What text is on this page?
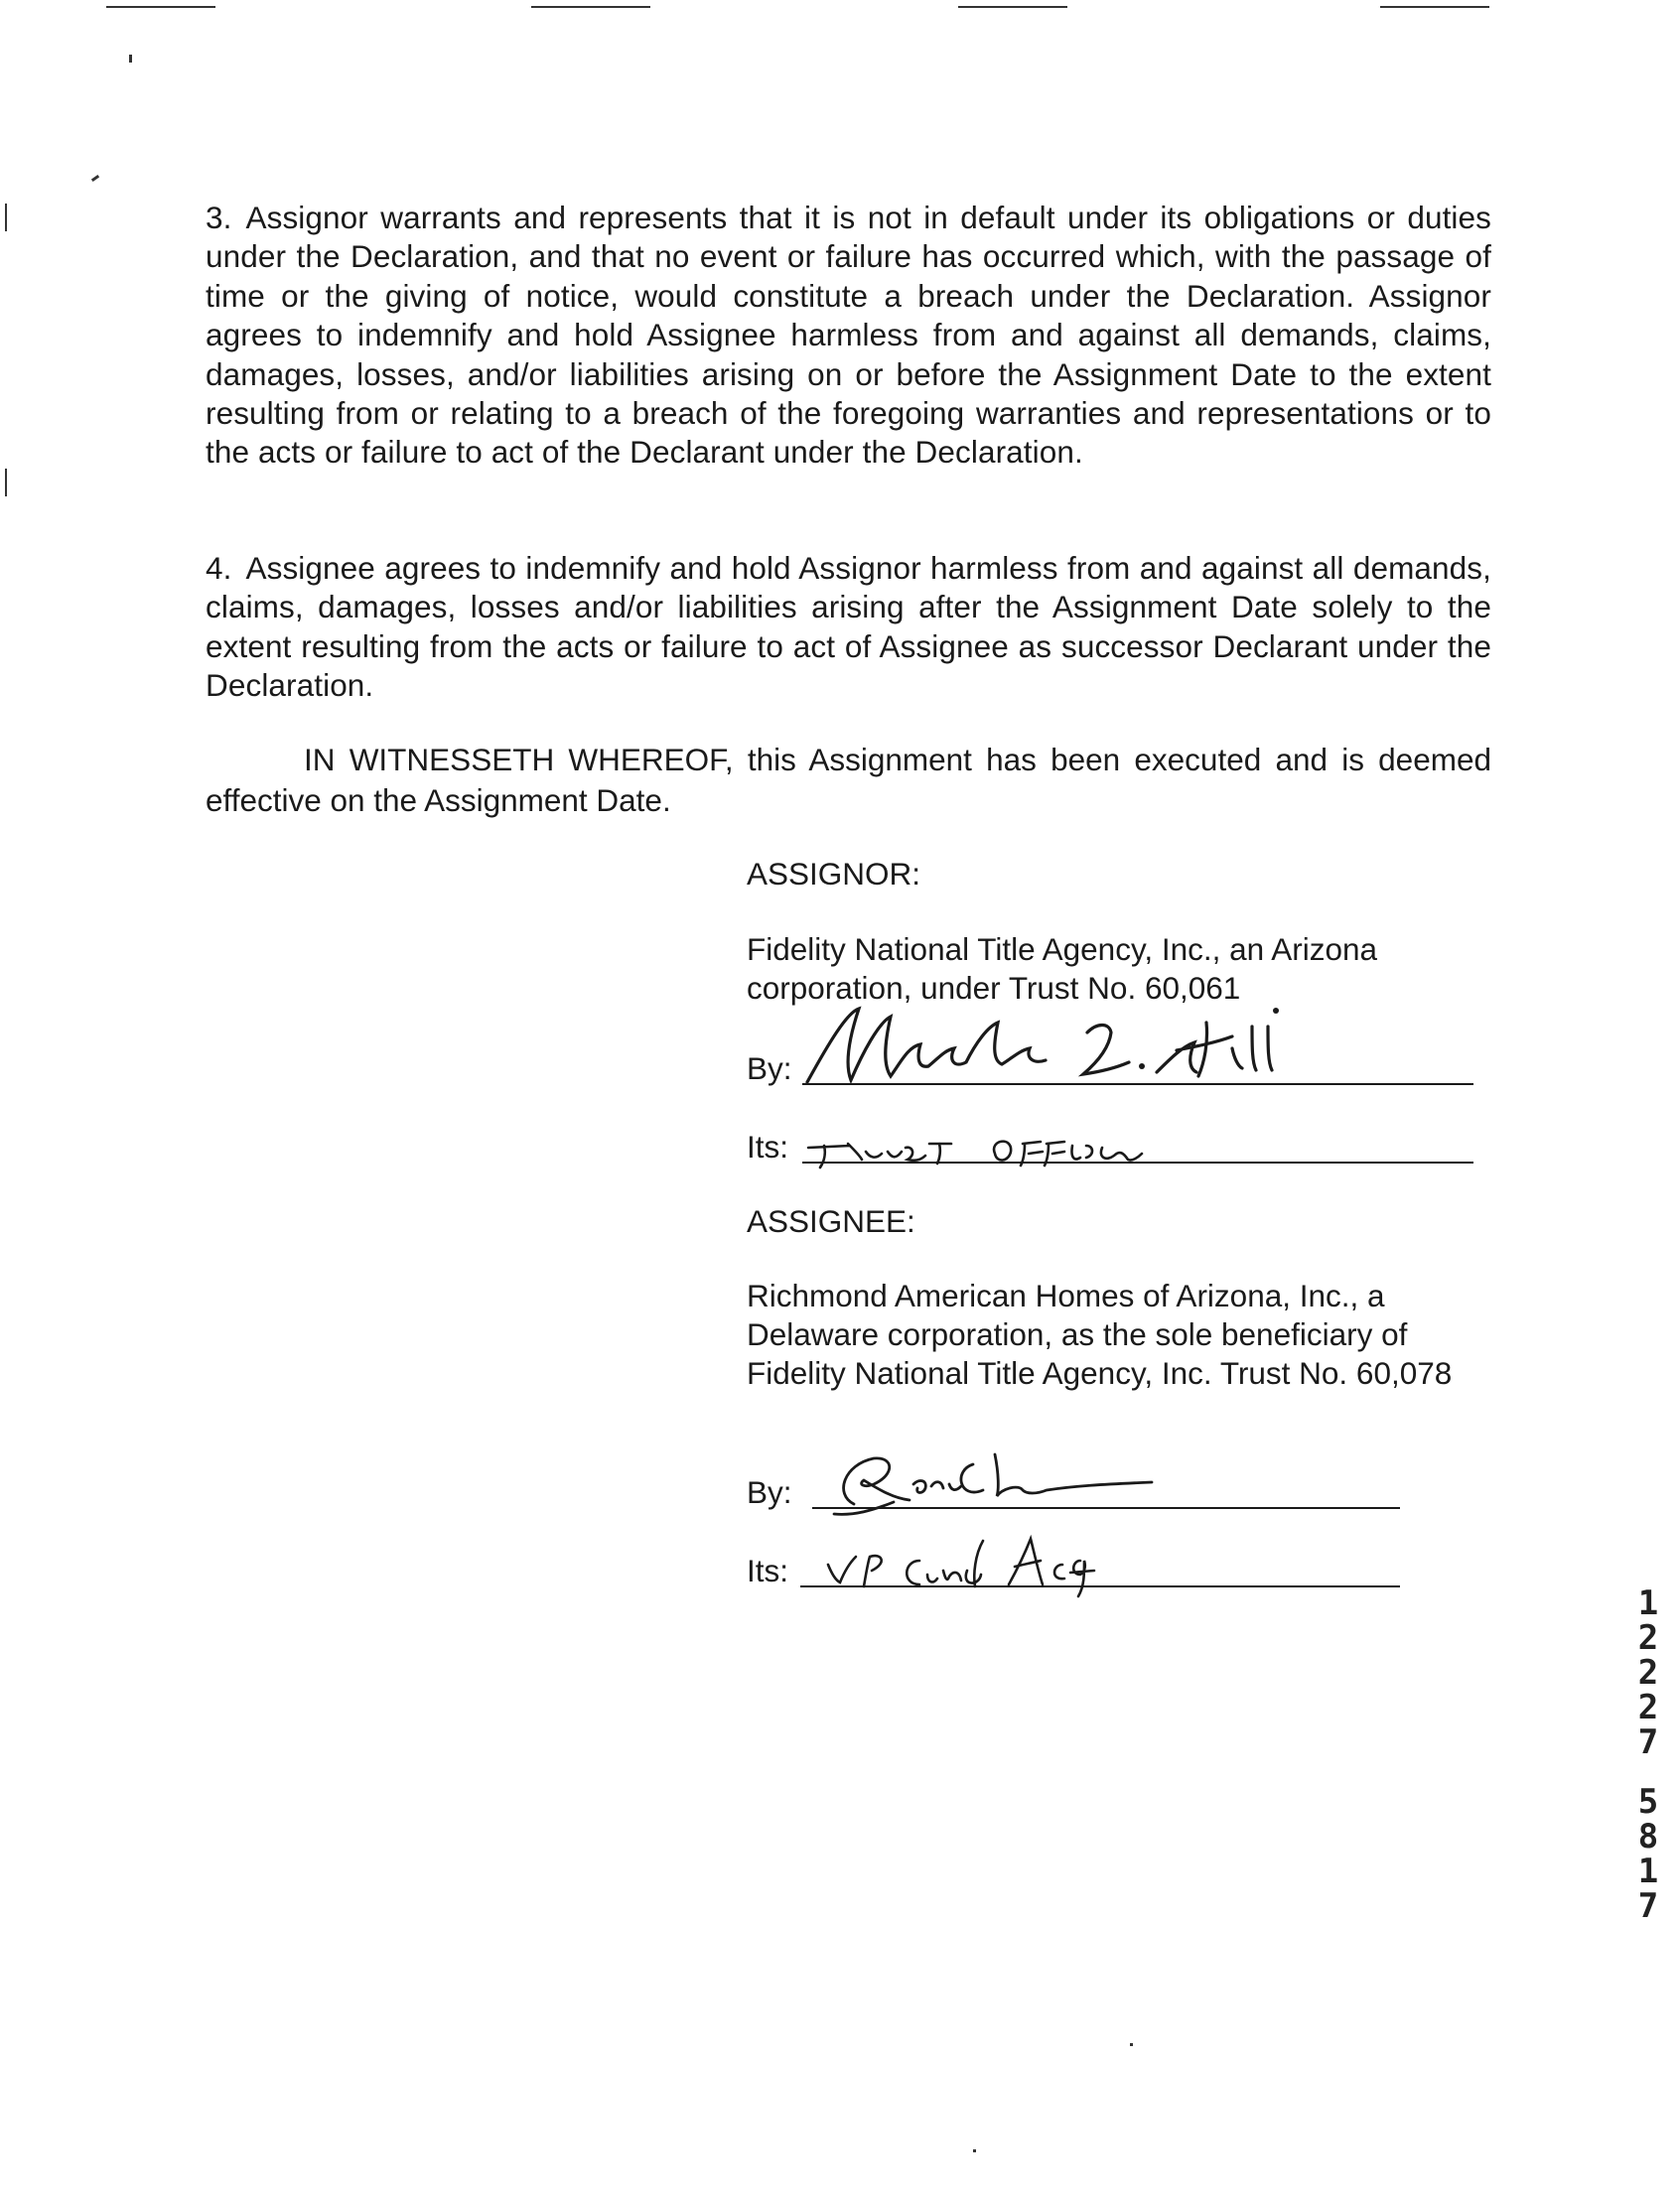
3. Assignor warrants and represents that it is not in default under its obligations or duties under the Declaration, and that no event or failure has occurred which, with the passage of time or the giving of notice, would constitute a breach under the Declaration. Assignor agrees to indemnify and hold Assignee harmless from and against all demands, claims, damages, losses, and/or liabilities arising on or before the Assignment Date to the extent resulting from or relating to a breach of the foregoing warranties and representations or to the acts or failure to act of the Declarant under the Declaration.
4. Assignee agrees to indemnify and hold Assignor harmless from and against all demands, claims, damages, losses and/or liabilities arising after the Assignment Date solely to the extent resulting from the acts or failure to act of Assignee as successor Declarant under the Declaration.
IN WITNESSETH WHEREOF, this Assignment has been executed and is deemed effective on the Assignment Date.
ASSIGNOR:
Fidelity National Title Agency, Inc., an Arizona corporation, under Trust No. 60,061
By:
Its:
ASSIGNEE:
Richmond American Homes of Arizona, Inc., a Delaware corporation, as the sole beneficiary of Fidelity National Title Agency, Inc. Trust No. 60,078
By:
Its:
1
2
2
2
7
5
8
1
7
